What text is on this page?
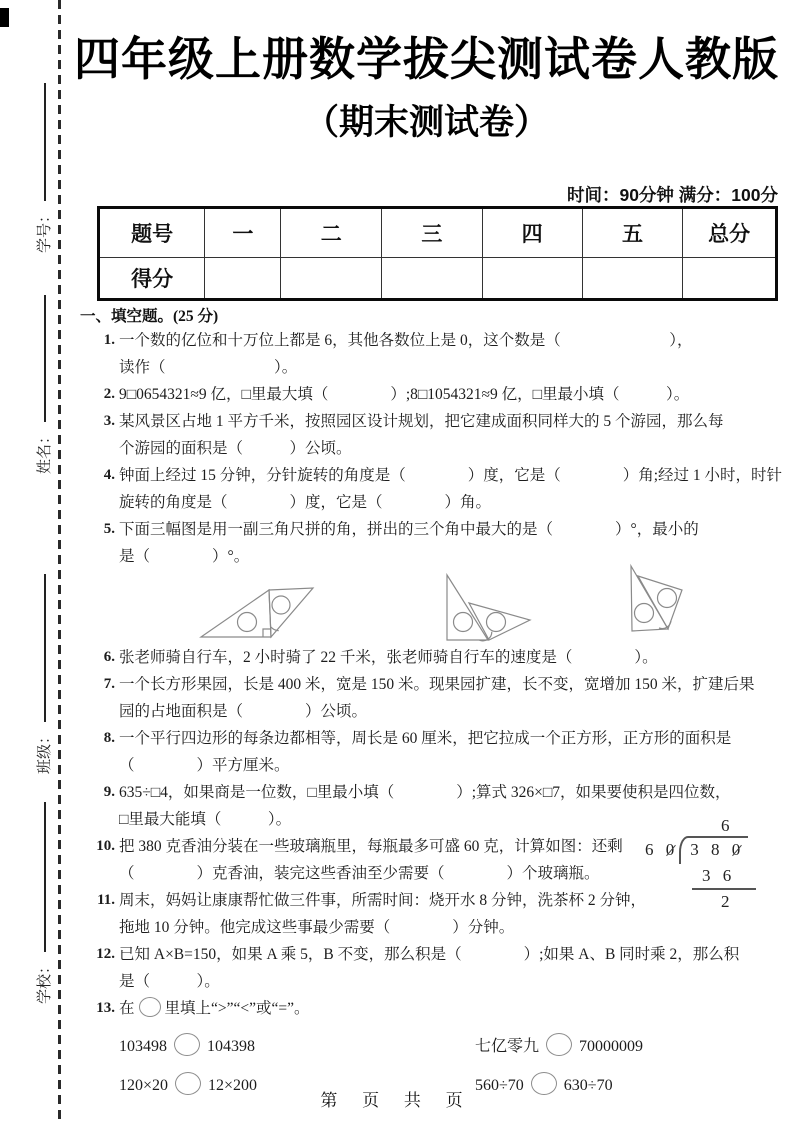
学号：
姓名：
班级：
学校：
四年级上册数学拔尖测试卷人教版
（期末测试卷）
时间：90分钟 满分：100分
题号	一	二	三	四	五	总分
得分						
一、填空题。(25 分)
1. 一个数的亿位和十万位上都是 6，其他各数位上是 0，这个数是（　　　　　　　），
读作（　　　　　　　）。
2. 9□0654321≈9 亿，□里最大填（　　　　）;8□1054321≈9 亿，□里最小填（　　　）。
3. 某风景区占地 1 平方千米，按照园区设计规划，把它建成面积同样大的 5 个游园，那么每
个游园的面积是（　　　）公顷。
4. 钟面上经过 15 分钟，分针旋转的角度是（　　　　）度，它是（　　　　）角;经过 1 小时，时针
旋转的角度是（　　　　）度，它是（　　　　）角。
5. 下面三幅图是用一副三角尺拼的角，拼出的三个角中最大的是（　　　　）°，最小的
是（　　　　）°。
6. 张老师骑自行车，2 小时骑了 22 千米，张老师骑自行车的速度是（　　　　）。
7. 一个长方形果园，长是 400 米，宽是 150 米。现果园扩建，长不变，宽增加 150 米，扩建后果
园的占地面积是（　　　　）公顷。
8. 一个平行四边形的每条边都相等，周长是 60 厘米，把它拉成一个正方形，正方形的面积是
（　　　　）平方厘米。
9. 635÷□4，如果商是一位数，□里最小填（　　　　）;算式 326×□7，如果要使积是四位数，
□里最大能填（　　　）。
10. 把 380 克香油分装在一些玻璃瓶里，每瓶最多可盛 60 克，计算如图：还剩
（　　　　）克香油，装完这些香油至少需要（　　　　）个玻璃瓶。
11. 周末，妈妈让康康帮忙做三件事，所需时间：烧开水 8 分钟，洗茶杯 2 分钟，
拖地 10 分钟。他完成这些事最少需要（　　　　）分钟。
12. 已知 A×B=150，如果 A 乘 5，B 不变，那么积是（　　　　）;如果 A、B 同时乘 2，那么积
是（　　　）。
13. 在 里填上“>”“<”或“=”。
103498	104398	七亿零九	70000009
120×20	12×200	560÷70	630÷70
6
6 0 3 8 0
3 6
2
第 页 共 页
